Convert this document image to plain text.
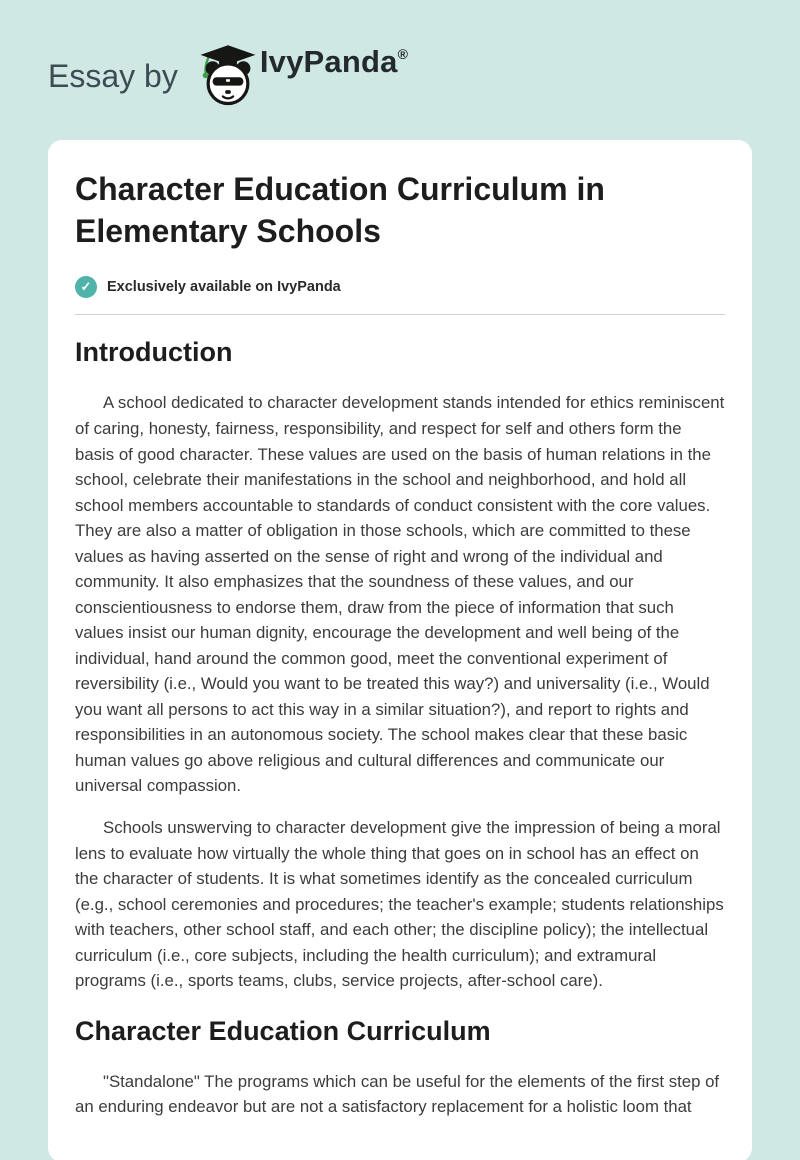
Essay by	IvyPanda ®
Character Education Curriculum in Elementary Schools
✓	Exclusively available on IvyPanda
Introduction

A school dedicated to character development stands intended for ethics reminiscent of caring, honesty, fairness, responsibility, and respect for self and others form the basis of good character. These values are used on the basis of human relations in the school, celebrate their manifestations in the school and neighborhood, and hold all school members accountable to standards of conduct consistent with the core values. They are also a matter of obligation in those schools, which are committed to these values as having asserted on the sense of right and wrong of the individual and community. It also emphasizes that the soundness of these values, and our conscientiousness to endorse them, draw from the piece of information that such values insist our human dignity, encourage the development and well being of the individual, hand around the common good, meet the conventional experiment of reversibility (i.e., Would you want to be treated this way?) and universality (i.e., Would you want all persons to act this way in a similar situation?), and report to rights and responsibilities in an autonomous society. The school makes clear that these basic human values go above religious and cultural differences and communicate our universal compassion.

Schools unswerving to character development give the impression of being a moral lens to evaluate how virtually the whole thing that goes on in school has an effect on the character of students. It is what sometimes identify as the concealed curriculum (e.g., school ceremonies and procedures; the teacher's example; students relationships with teachers, other school staff, and each other; the discipline policy); the intellectual curriculum (i.e., core subjects, including the health curriculum); and extramural programs (i.e., sports teams, clubs, service projects, after-school care).

Character Education Curriculum

"Standalone" The programs which can be useful for the elements of the first step of an enduring endeavor but are not a satisfactory replacement for a holistic loom that
